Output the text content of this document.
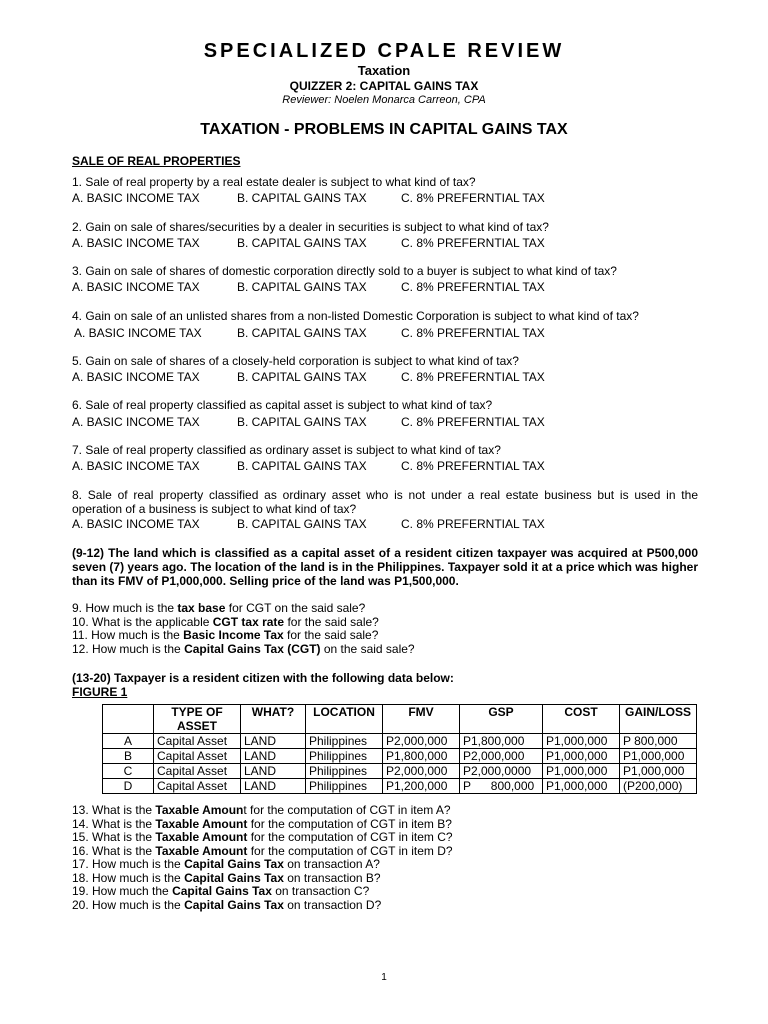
SPECIALIZED CPALE REVIEW
Taxation
QUIZZER 2: CAPITAL GAINS TAX
Reviewer: Noelen Monarca Carreon, CPA
TAXATION - PROBLEMS IN CAPITAL GAINS TAX
SALE OF REAL PROPERTIES
1. Sale of real property by a real estate dealer is subject to what kind of tax?
2. Gain on sale of shares/securities by a dealer in securities is subject to what kind of tax?
3. Gain on sale of shares of domestic corporation directly sold to a buyer is subject to what kind of tax?
4. Gain on sale of an unlisted shares from a non-listed Domestic Corporation is subject to what kind of tax?
5. Gain on sale of shares of a closely-held corporation is subject to what kind of tax?
6. Sale of real property classified as capital asset is subject to what kind of tax?
7. Sale of real property classified as ordinary asset is subject to what kind of tax?
8. Sale of real property classified as ordinary asset who is not under a real estate business but is used in the operation of a business is subject to what kind of tax?
A. BASIC INCOME TAX	B. CAPITAL GAINS TAX	C. 8% PREFERNTIAL TAX
A. BASIC INCOME TAX	B. CAPITAL GAINS TAX	C. 8% PREFERNTIAL TAX
A. BASIC INCOME TAX	B. CAPITAL GAINS TAX	C. 8% PREFERNTIAL TAX
A. BASIC INCOME TAX	B. CAPITAL GAINS TAX	C. 8% PREFERNTIAL TAX
A. BASIC INCOME TAX	B. CAPITAL GAINS TAX	C. 8% PREFERNTIAL TAX
A. BASIC INCOME TAX	B. CAPITAL GAINS TAX	C. 8% PREFERNTIAL TAX
A. BASIC INCOME TAX	B. CAPITAL GAINS TAX	C. 8% PREFERNTIAL TAX
A. BASIC INCOME TAX	B. CAPITAL GAINS TAX	C. 8% PREFERNTIAL TAX
(9-12) The land which is classified as a capital asset of a resident citizen taxpayer was acquired at P500,000 seven (7) years ago. The location of the land is in the Philippines. Taxpayer sold it at a price which was higher than its FMV of P1,000,000. Selling price of the land was P1,500,000.
9. How much is the tax base for CGT on the said sale?
10. What is the applicable CGT tax rate for the said sale?
11. How much is the Basic Income Tax for the said sale?
12. How much is the Capital Gains Tax (CGT) on the said sale?
(13-20) Taxpayer is a resident citizen with the following data below:
FIGURE 1
	TYPE OF ASSET	WHAT?	LOCATION	FMV	GSP	COST	GAIN/LOSS
A	Capital Asset	LAND	Philippines	P2,000,000	P1,800,000	P1,000,000	P 800,000
B	Capital Asset	LAND	Philippines	P1,800,000	P2,000,000	P1,000,000	P1,000,000
C	Capital Asset	LAND	Philippines	P2,000,000	P2,000,0000	P1,000,000	P1,000,000
D	Capital Asset	LAND	Philippines	P1,200,000	P      800,000	P1,000,000	(P200,000)
13. What is the Taxable Amount for the computation of CGT in item A?
14. What is the Taxable Amount for the computation of CGT in item B?
15. What is the Taxable Amount for the computation of CGT in item C?
16. What is the Taxable Amount for the computation of CGT in item D?
17. How much is the Capital Gains Tax on transaction A?
18. How much is the Capital Gains Tax on transaction B?
19. How much the Capital Gains Tax on transaction C?
20. How much is the Capital Gains Tax on transaction D?
1
